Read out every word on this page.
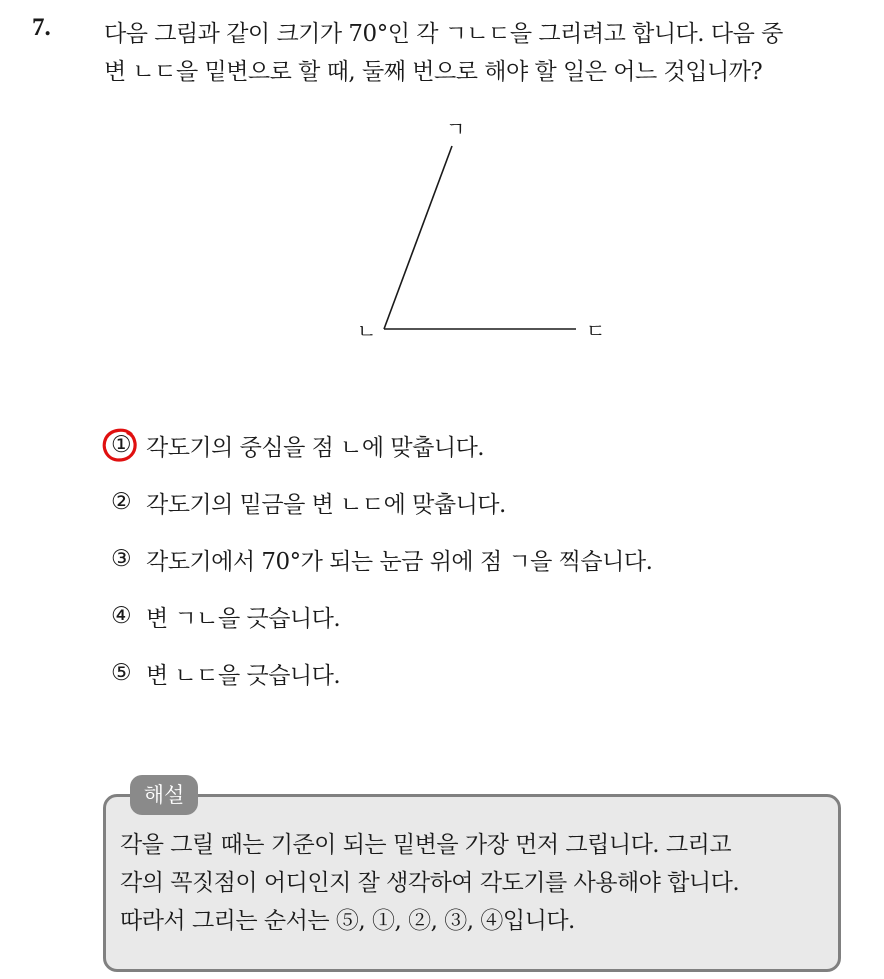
7. 다음 그림과 같이 크기가 70°인 각 ㄱㄴㄷ을 그리려고 합니다. 다음 중
변 ㄴㄷ을 밑변으로 할 때, 둘째 번으로 해야 할 일은 어느 것입니까?
ㄱ
ㄴ	ㄷ
① 각도기의 중심을 점 ㄴ에 맞춥니다.
② 각도기의 밑금을 변 ㄴㄷ에 맞춥니다.
③ 각도기에서 70°가 되는 눈금 위에 점 ㄱ을 찍습니다.
④ 변 ㄱㄴ을 긋습니다.
⑤ 변 ㄴㄷ을 긋습니다.
해설
각을 그릴 때는 기준이 되는 밑변을 가장 먼저 그립니다. 그리고
각의 꼭짓점이 어디인지 잘 생각하여 각도기를 사용해야 합니다.
따라서 그리는 순서는 ⑤, ①, ②, ③, ④입니다.
